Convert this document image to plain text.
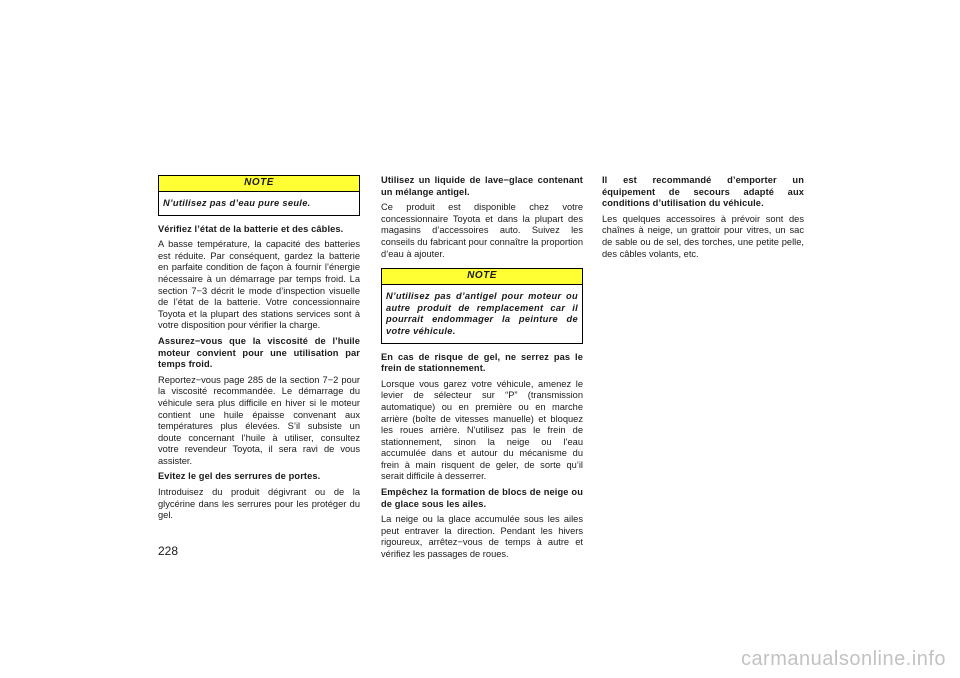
NOTE
N’utilisez pas d’eau pure seule.
Vérifiez l’état de la batterie et des câbles.
A basse température, la capacité des batteries est réduite. Par conséquent, gardez la batterie en parfaite condition de façon à fournir l’énergie nécessaire à un démarrage par temps froid. La section 7−3 décrit le mode d’inspection visuelle de l’état de la batterie. Votre concessionnaire Toyota et la plupart des stations services sont à votre disposition pour vérifier la charge.
Assurez−vous que la viscosité de l’huile moteur convient pour une utilisation par temps froid.
Reportez−vous page 285 de la section 7−2 pour la viscosité recommandée. Le démarrage du véhicule sera plus difficile en hiver si le moteur contient une huile épaisse convenant aux températures plus élevées. S’il subsiste un doute concernant l’huile à utiliser, consultez votre revendeur Toyota, il sera ravi de vous assister.
Evitez le gel des serrures de portes.
Introduisez du produit dégivrant ou de la glycérine dans les serrures pour les protéger du gel.
Utilisez un liquide de lave−glace contenant un mélange antigel.
Ce produit est disponible chez votre concessionnaire Toyota et dans la plupart des magasins d’accessoires auto. Suivez les conseils du fabricant pour connaître la proportion d’eau à ajouter.
NOTE
N’utilisez pas d’antigel pour moteur ou autre produit de remplacement car il pourrait endommager la peinture de votre véhicule.
En cas de risque de gel, ne serrez pas le frein de stationnement.
Lorsque vous garez votre véhicule, amenez le levier de sélecteur sur “P” (transmission automatique) ou en première ou en marche arrière (boîte de vitesses manuelle) et bloquez les roues arrière. N’utilisez pas le frein de stationnement, sinon la neige ou l’eau accumulée dans et autour du mécanisme du frein à main risquent de geler, de sorte qu’il serait difficile à desserrer.
Empêchez la formation de blocs de neige ou de glace sous les ailes.
La neige ou la glace accumulée sous les ailes peut entraver la direction. Pendant les hivers rigoureux, arrêtez−vous de temps à autre et vérifiez les passages de roues.
Il est recommandé d’emporter un équipement de secours adapté aux conditions d’utilisation du véhicule.
Les quelques accessoires à prévoir sont des chaînes à neige, un grattoir pour vitres, un sac de sable ou de sel, des torches, une petite pelle, des câbles volants, etc.
228
carmanualsonline.info
